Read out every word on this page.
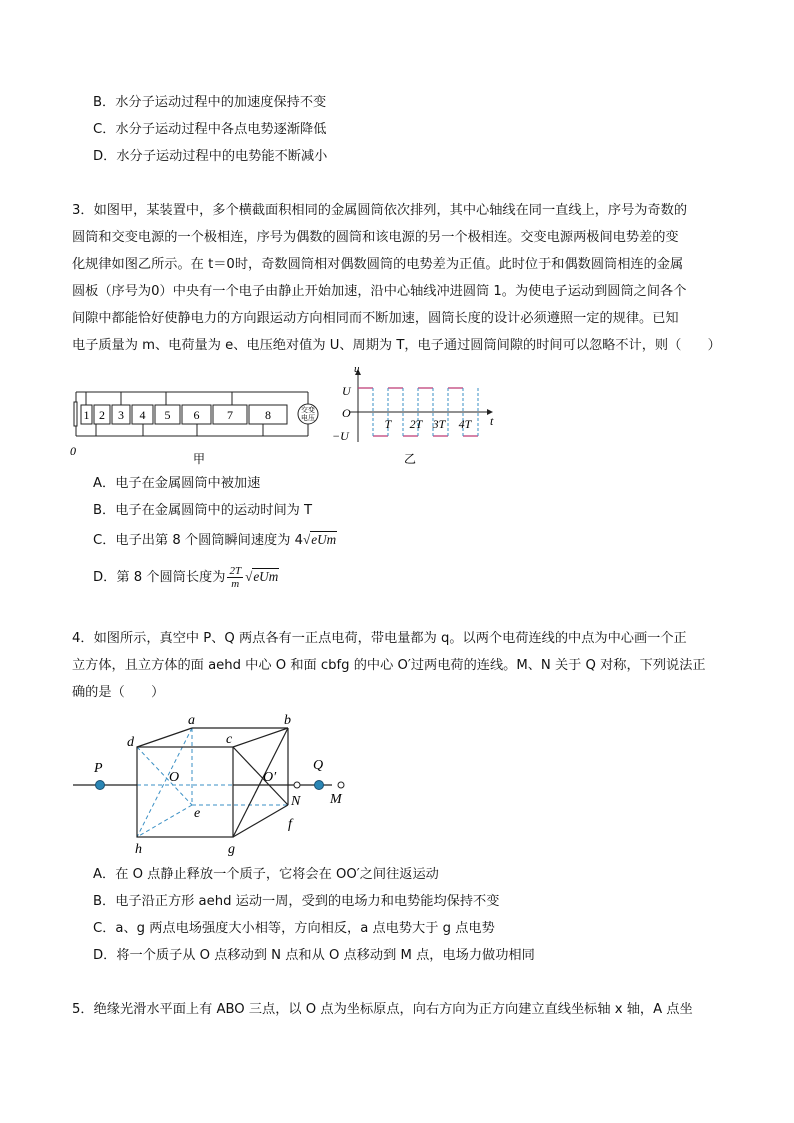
B．水分子运动过程中的加速度保持不变
C．水分子运动过程中各点电势逐渐降低
D．水分子运动过程中的电势能不断减小
3．如图甲，某装置中，多个横截面积相同的金属圆筒依次排列，其中心轴线在同一直线上，序号为奇数的
圆筒和交变电源的一个极相连，序号为偶数的圆筒和该电源的另一个极相连。交变电源两极间电势差的变
化规律如图乙所示。在 t＝0时，奇数圆筒相对偶数圆筒的电势差为正值。此时位于和偶数圆筒相连的金属
圆板（序号为0）中央有一个电子由静止开始加速，沿中心轴线冲进圆筒 1。为使电子运动到圆筒之间各个
间隙中都能恰好使静电力的方向跟运动方向相同而不断加速，圆筒长度的设计必须遵照一定的规律。已知
电子质量为 m、电荷量为 e、电压绝对值为 U、周期为 T，电子通过圆筒间隙的时间可以忽略不计，则（　　）
0
1 2 3 4 5 6 7	8	交变
电压
甲
u
t
U
O
−U
T 2T 3T 4T
乙
A．电子在金属圆筒中被加速
B．电子在金属圆筒中的运动时间为 T
C．电子出第 8 个圆筒瞬间速度为 4√eUm
D．第 8 个圆筒长度为 $\frac{2T}{m} √eUm$
4．如图所示，真空中 P、Q 两点各有一正点电荷，带电量都为 q。以两个电荷连线的中点为中心画一个正
立方体，且立方体的面 aehd 中心 O 和面 cbfg 的中心 O′过两电荷的连线。M、N 关于 Q 对称，下列说法正
确的是（　　）
a	b
c
d
e
f
g
h
O	O′
P	Q
N M
A．在 O 点静止释放一个质子，它将会在 OO′之间往返运动
B．电子沿正方形 aehd 运动一周，受到的电场力和电势能均保持不变
C．a、g 两点电场强度大小相等，方向相反，a 点电势大于 g 点电势
D．将一个质子从 O 点移动到 N 点和从 O 点移动到 M 点，电场力做功相同
5．绝缘光滑水平面上有 ABO 三点，以 O 点为坐标原点，向右方向为正方向建立直线坐标轴 x 轴，A 点坐
